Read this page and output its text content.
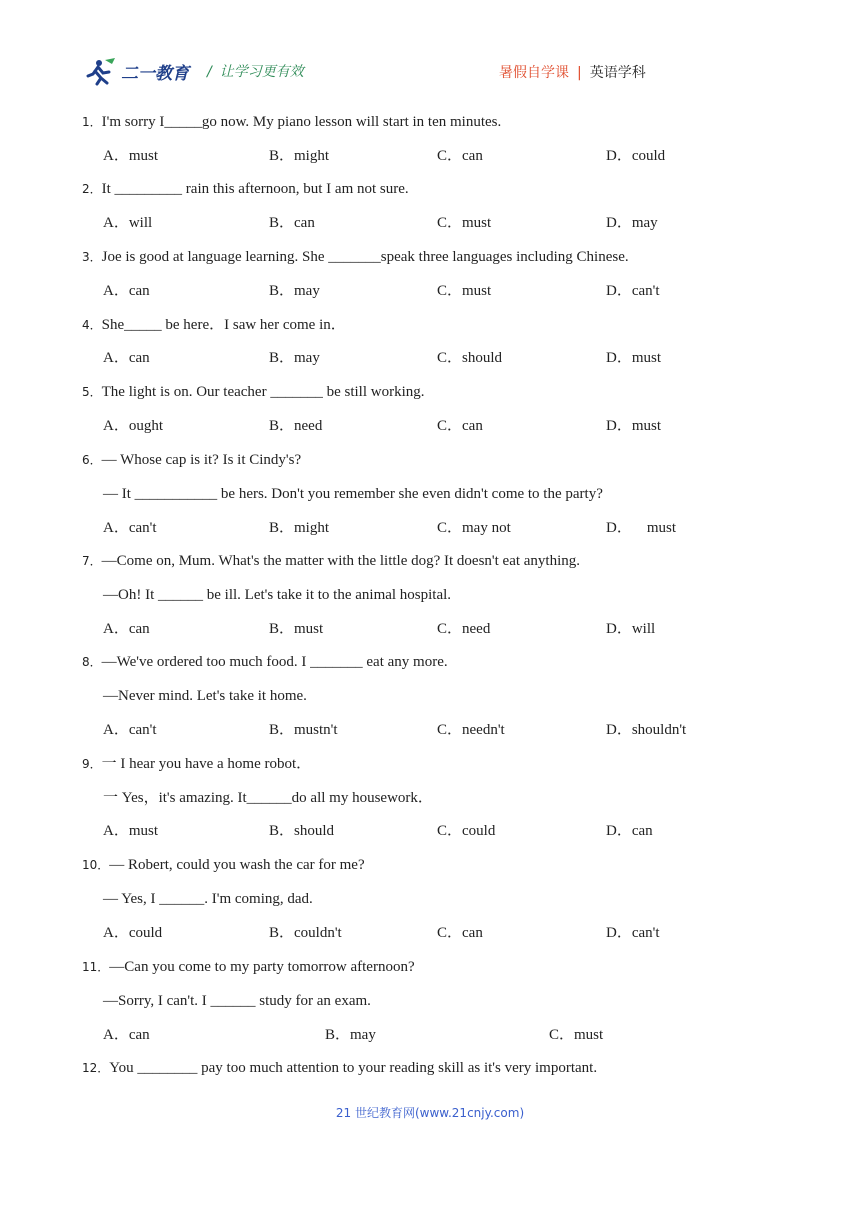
二一教育 / 让学习更有效	暑假自学课 | 英语学科
1．I'm sorry I_____go now. My piano lesson will start in ten minutes.
A．must	B．might	C．can	D．could
2．It _________ rain this afternoon, but I am not sure.
A．will	B．can	C．must	D．may
3．Joe is good at language learning. She _______speak three languages including Chinese.
A．can	B．may	C．must	D．can't
4．She_____ be here．I saw her come in．
A．can	B．may	C．should	D．must
5．The light is on. Our teacher _______ be still working.
A．ought	B．need	C．can	D．must
6．— Whose cap is it? Is it Cindy's?
— It ___________ be hers. Don't you remember she even didn't come to the party?
A．can't	B．might	C．may not	D．    must
7．—Come on, Mum. What's the matter with the little dog? It doesn't eat anything.
—Oh! It ______ be ill. Let's take it to the animal hospital.
A．can	B．must	C．need	D．will
8．—We've ordered too much food. I _______ eat any more.
—Never mind. Let's take it home.
A．can't	B．mustn't	C．needn't	D．shouldn't
9．一 I hear you have a home robot．
一 Yes，it's amazing. It______do all my housework．
A．must	B．should	C．could	D．can
10．— Robert, could you wash the car for me?
— Yes, I ______. I'm coming, dad.
A．could	B．couldn't	C．can	D．can't
11．—Can you come to my party tomorrow afternoon?
—Sorry, I can't. I ______ study for an exam.
A．can	B．may	C．must
12．You ________ pay too much attention to your reading skill as it's very important.
21 世纪教育网(www.21cnjy.com)
